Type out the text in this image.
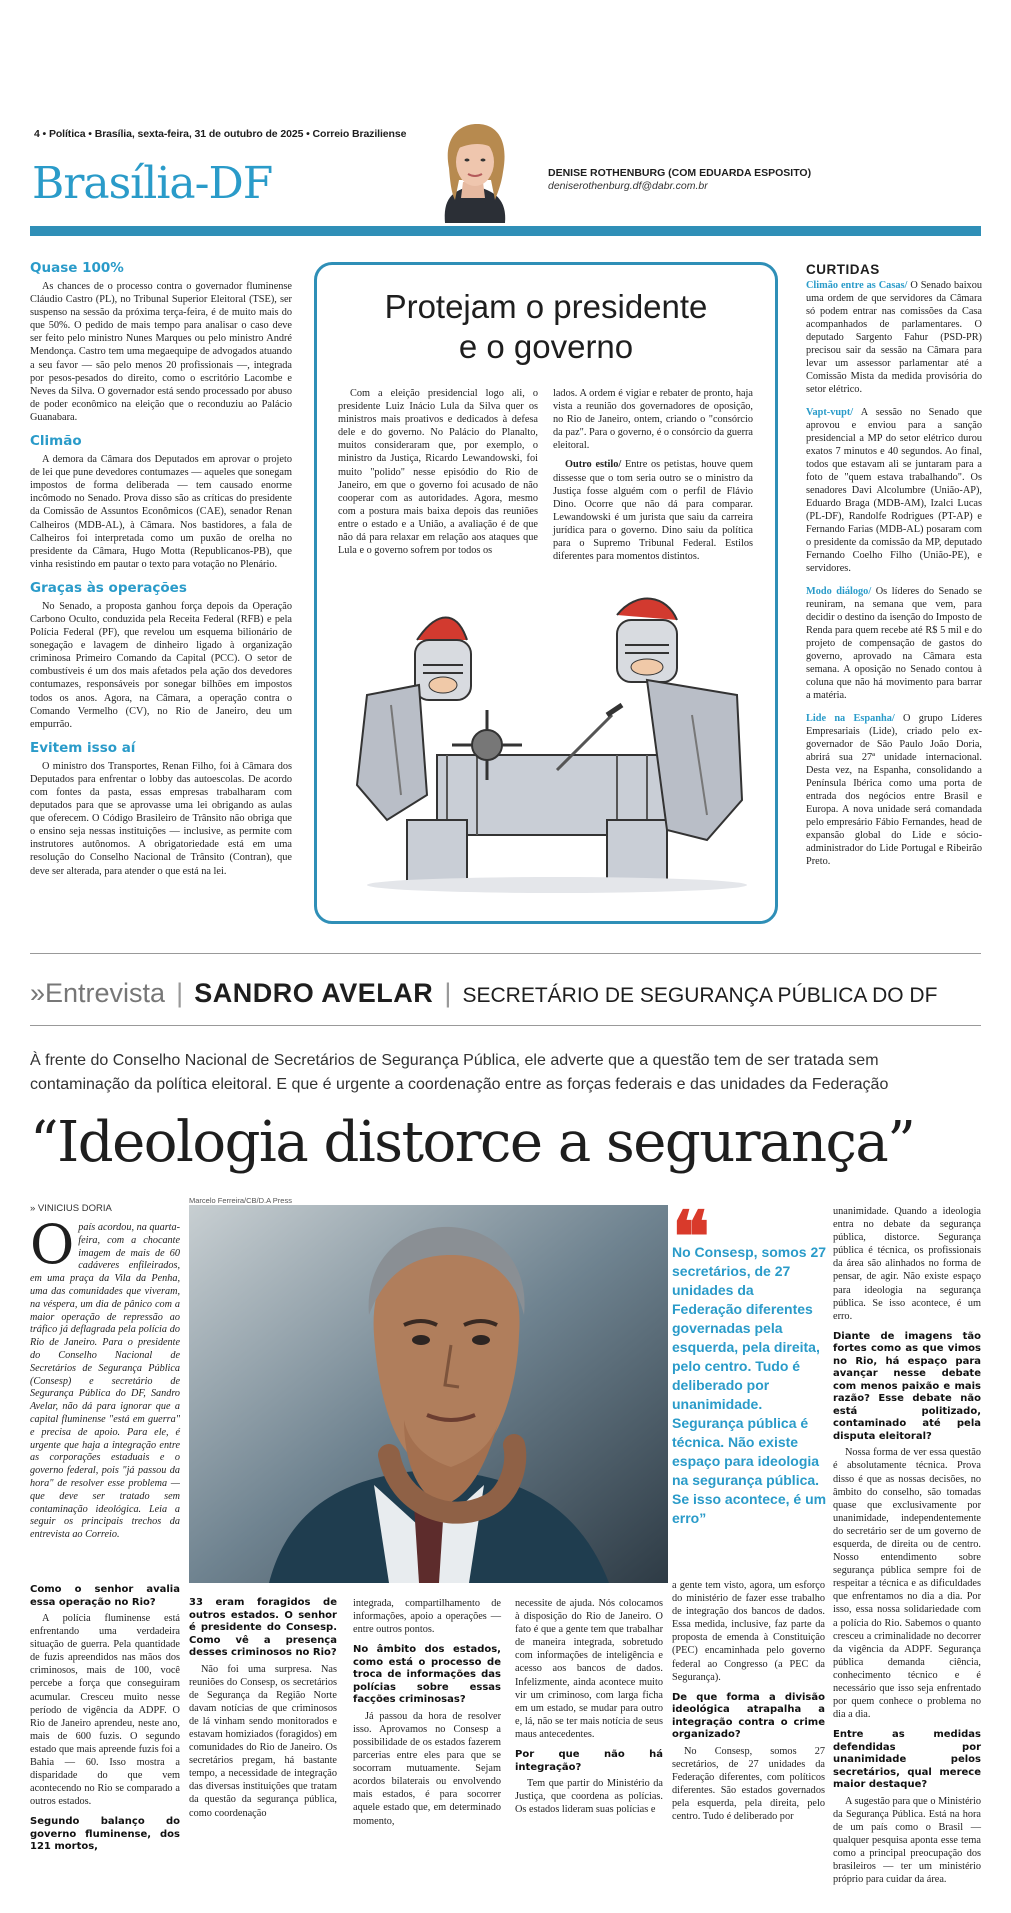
4 • Política • Brasília, sexta-feira, 31 de outubro de 2025 • Correio Braziliense
Brasília-DF	DENISE ROTHENBURG (COM EDUARDA ESPOSITO)
deniserothenburg.df@dabr.com.br
Quase 100%

As chances de o processo contra o governador fluminense Cláudio Castro (PL), no Tribunal Superior Eleitoral (TSE), ser suspenso na sessão da próxima terça-feira, é de muito mais do que 50%. O pedido de mais tempo para analisar o caso deve ser feito pelo ministro Nunes Marques ou pelo ministro André Mendonça. Castro tem uma megaequipe de advogados atuando a seu favor — são pelo menos 20 profissionais —, integrada por pesos-pesados do direito, como o escritório Lacombe e Neves da Silva. O governador está sendo processado por abuso de poder econômico na eleição que o reconduziu ao Palácio Guanabara.

Climão

A demora da Câmara dos Deputados em aprovar o projeto de lei que pune devedores contumazes — aqueles que sonegam impostos de forma deliberada — tem causado enorme incômodo no Senado. Prova disso são as críticas do presidente da Comissão de Assuntos Econômicos (CAE), senador Renan Calheiros (MDB-AL), à Câmara. Nos bastidores, a fala de Calheiros foi interpretada como um puxão de orelha no presidente da Câmara, Hugo Motta (Republicanos-PB), que vinha resistindo em pautar o texto para votação no Plenário.

Graças às operações

No Senado, a proposta ganhou força depois da Operação Carbono Oculto, conduzida pela Receita Federal (RFB) e pela Polícia Federal (PF), que revelou um esquema bilionário de sonegação e lavagem de dinheiro ligado à organização criminosa Primeiro Comando da Capital (PCC). O setor de combustíveis é um dos mais afetados pela ação dos devedores contumazes, responsáveis por sonegar bilhões em impostos todos os anos. Agora, na Câmara, a operação contra o Comando Vermelho (CV), no Rio de Janeiro, deu um empurrão.

Evitem isso aí

O ministro dos Transportes, Renan Filho, foi à Câmara dos Deputados para enfrentar o lobby das autoescolas. De acordo com fontes da pasta, essas empresas trabalharam com deputados para que se aprovasse uma lei obrigando as aulas que oferecem. O Código Brasileiro de Trânsito não obriga que o ensino seja nessas instituições — inclusive, as permite com instrutores autônomos. A obrigatoriedade está em uma resolução do Conselho Nacional de Trânsito (Contran), que deve ser alterada, para atender o que está na lei.

Protejam o presidente
e o governo

Com a eleição presidencial logo ali, o presidente Luiz Inácio Lula da Silva quer os ministros mais proativos e dedicados à defesa dele e do governo. No Palácio do Planalto, muitos consideraram que, por exemplo, o ministro da Justiça, Ricardo Lewandowski, foi muito "polido" nesse episódio do Rio de Janeiro, em que o governo foi acusado de não cooperar com as autoridades. Agora, mesmo com a postura mais baixa depois das reuniões entre o estado e a União, a avaliação é de que não dá para relaxar em relação aos ataques que Lula e o governo sofrem por todos os

lados. A ordem é vigiar e rebater de pronto, haja vista a reunião dos governadores de oposição, no Rio de Janeiro, ontem, criando o "consórcio da paz". Para o governo, é o consórcio da guerra eleitoral.

Outro estilo/ Entre os petistas, houve quem dissesse que o tom seria outro se o ministro da Justiça fosse alguém com o perfil de Flávio Dino. Ocorre que não dá para comparar. Lewandowski é um jurista que saiu da carreira jurídica para o governo. Dino saiu da política para o Supremo Tribunal Federal. Estilos diferentes para momentos distintos.

CURTIDAS

Climão entre as Casas/ O Senado baixou uma ordem de que servidores da Câmara só podem entrar nas comissões da Casa acompanhados de parlamentares. O deputado Sargento Fahur (PSD-PR) precisou sair da sessão na Câmara para levar um assessor parlamentar até a Comissão Mista da medida provisória do setor elétrico.

Vapt-vupt/ A sessão no Senado que aprovou e enviou para a sanção presidencial a MP do setor elétrico durou exatos 7 minutos e 40 segundos. Ao final, todos que estavam ali se juntaram para a foto de "quem estava trabalhando". Os senadores Davi Alcolumbre (União-AP), Eduardo Braga (MDB-AM), Izalci Lucas (PL-DF), Randolfe Rodrigues (PT-AP) e Fernando Farias (MDB-AL) posaram com o presidente da comissão da MP, deputado Fernando Coelho Filho (União-PE), e servidores.

Modo diálogo/ Os líderes do Senado se reuniram, na semana que vem, para decidir o destino da isenção do Imposto de Renda para quem recebe até R$ 5 mil e do projeto de compensação de gastos do governo, aprovado na Câmara esta semana. A oposição no Senado contou à coluna que não há movimento para barrar a matéria.

Lide na Espanha/ O grupo Líderes Empresariais (Lide), criado pelo ex-governador de São Paulo João Doria, abrirá sua 27ª unidade internacional. Desta vez, na Espanha, consolidando a Península Ibérica como uma porta de entrada dos negócios entre Brasil e Europa. A nova unidade será comandada pelo empresário Fábio Fernandes, head de expansão global do Lide e sócio-administrador do Lide Portugal e Ribeirão Preto.

»Entrevista | SANDRO AVELAR | SECRETÁRIO DE SEGURANÇA PÚBLICA DO DF
À frente do Conselho Nacional de Secretários de Segurança Pública, ele adverte que a questão tem de ser tratada sem contaminação da política eleitoral. E que é urgente a coordenação entre as forças federais e das unidades da Federação
“Ideologia distorce a segurança”
» VINICIUS DORIA
Marcelo Ferreira/CB/D.A Press
O país acordou, na quarta-feira, com a chocante imagem de mais de 60 cadáveres enfileirados, em uma praça da Vila da Penha, uma das comunidades que viveram, na véspera, um dia de pânico com a maior operação de repressão ao tráfico já deflagrada pela polícia do Rio de Janeiro. Para o presidente do Conselho Nacional de Secretários de Segurança Pública (Consesp) e secretário de Segurança Pública do DF, Sandro Avelar, não dá para ignorar que a capital fluminense "está em guerra" e precisa de apoio. Para ele, é urgente que haja a integração entre as corporações estaduais e o governo federal, pois "já passou da hora" de resolver esse problema — que deve ser tratado sem contaminação ideológica. Leia a seguir os principais trechos da entrevista ao Correio.
Como o senhor avalia essa operação no Rio?

A polícia fluminense está enfrentando uma verdadeira situação de guerra. Pela quantidade de fuzis apreendidos nas mãos dos criminosos, mais de 100, você percebe a força que conseguiram acumular. Cresceu muito nesse período de vigência da ADPF. O Rio de Janeiro aprendeu, neste ano, mais de 600 fuzis. O segundo estado que mais apreende fuzis foi a Bahia — 60. Isso mostra a disparidade do que vem acontecendo no Rio se comparado a outros estados.

Segundo balanço do governo fluminense, dos 121 mortos,
33 eram foragidos de outros estados. O senhor é presidente do Consesp. Como vê a presença desses criminosos no Rio?

Não foi uma surpresa. Nas reuniões do Consesp, os secretários de Segurança da Região Norte davam notícias de que criminosos de lá vinham sendo monitorados e estavam homiziados (foragidos) em comunidades do Rio de Janeiro. Os secretários pregam, há bastante tempo, a necessidade de integração das diversas instituições que tratam da questão da segurança pública, como coordenação

integrada, compartilhamento de informações, apoio a operações — entre outros pontos.

No âmbito dos estados, como está o processo de troca de informações das polícias sobre essas facções criminosas?

Já passou da hora de resolver isso. Aprovamos no Consesp a possibilidade de os estados fazerem parcerias entre eles para que se socorram mutuamente. Sejam acordos bilaterais ou envolvendo mais estados, é para socorrer aquele estado que, em determinado momento,

necessite de ajuda. Nós colocamos à disposição do Rio de Janeiro. O fato é que a gente tem que trabalhar de maneira integrada, sobretudo com informações de inteligência e acesso aos bancos de dados. Infelizmente, ainda acontece muito vir um criminoso, com larga ficha em um estado, se mudar para outro e, lá, não se ter mais notícia de seus maus antecedentes.

Por que não há integração?

Tem que partir do Ministério da Justiça, que coordena as polícias. Os estados lideram suas polícias e

❝
No Consesp, somos 27 secretários, de 27 unidades da Federação diferentes governadas pela esquerda, pela direita, pelo centro. Tudo é deliberado por unanimidade. Segurança pública é técnica. Não existe espaço para ideologia na segurança pública. Se isso acontece, é um erro”

a gente tem visto, agora, um esforço do ministério de fazer esse trabalho de integração dos bancos de dados. Essa medida, inclusive, faz parte da proposta de emenda à Constituição (PEC) encaminhada pelo governo federal ao Congresso (a PEC da Segurança).

De que forma a divisão ideológica atrapalha a integração contra o crime organizado?

No Consesp, somos 27 secretários, de 27 unidades da Federação diferentes, com políticos diferentes. São estados governados pela esquerda, pela direita, pelo centro. Tudo é deliberado por

unanimidade. Quando a ideologia entra no debate da segurança pública, distorce. Segurança pública é técnica, os profissionais da área são alinhados no forma de pensar, de agir. Não existe espaço para ideologia na segurança pública. Se isso acontece, é um erro.

Diante de imagens tão fortes como as que vimos no Rio, há espaço para avançar nesse debate com menos paixão e mais razão? Esse debate não está politizado, contaminado até pela disputa eleitoral?

Nossa forma de ver essa questão é absolutamente técnica. Prova disso é que as nossas decisões, no âmbito do conselho, são tomadas quase que exclusivamente por unanimidade, independentemente do secretário ser de um governo de esquerda, de direita ou de centro. Nosso entendimento sobre segurança pública sempre foi de respeitar a técnica e as dificuldades que enfrentamos no dia a dia. Por isso, essa nossa solidariedade com a polícia do Rio. Sabemos o quanto cresceu a criminalidade no decorrer da vigência da ADPF. Segurança pública demanda ciência, conhecimento técnico e é necessário que isso seja enfrentado por quem conhece o problema no dia a dia.

Entre as medidas defendidas por unanimidade pelos secretários, qual merece maior destaque?

A sugestão para que o Ministério da Segurança Pública. Está na hora de um país como o Brasil — qualquer pesquisa aponta esse tema como a principal preocupação dos brasileiros — ter um ministério próprio para cuidar da área.
